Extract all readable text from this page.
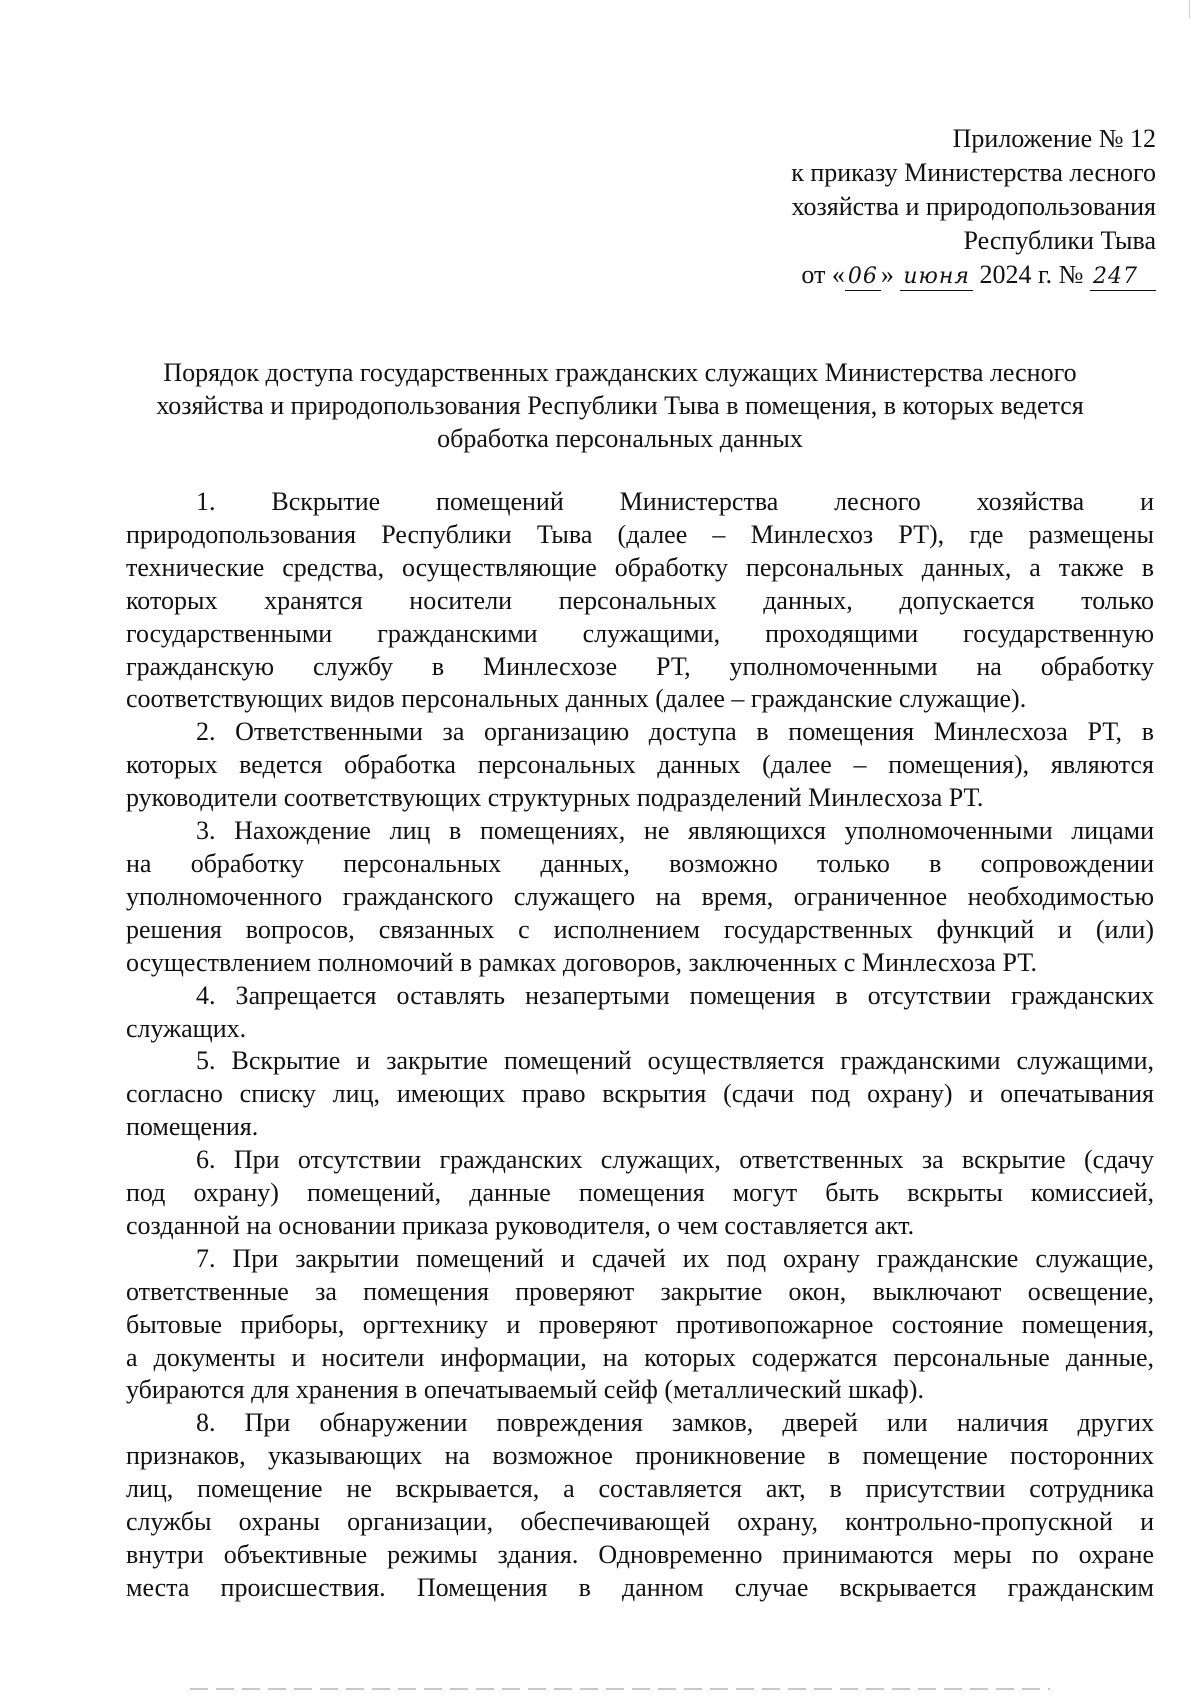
Приложение № 12
к приказу Министерства лесного
хозяйства и природопользования
Республики Тыва
от « 06 » июня 2024 г. № 247
Порядок доступа государственных гражданских служащих Министерства лесного
хозяйства и природопользования Республики Тыва в помещения, в которых ведется
обработка персональных данных

1. Вскрытие помещений Министерства лесного хозяйства и
природопользования Республики Тыва (далее – Минлесхоз РТ), где размещены
технические средства, осуществляющие обработку персональных данных, а также в
которых хранятся носители персональных данных, допускается только
государственными гражданскими служащими, проходящими государственную
гражданскую службу в Минлесхозе РТ, уполномоченными на обработку
соответствующих видов персональных данных (далее – гражданские служащие).

2. Ответственными за организацию доступа в помещения Минлесхоза РТ, в
которых ведется обработка персональных данных (далее – помещения), являются
руководители соответствующих структурных подразделений Минлесхоза РТ.

3. Нахождение лиц в помещениях, не являющихся уполномоченными лицами
на обработку персональных данных, возможно только в сопровождении
уполномоченного гражданского служащего на время, ограниченное необходимостью
решения вопросов, связанных с исполнением государственных функций и (или)
осуществлением полномочий в рамках договоров, заключенных с Минлесхоза РТ.

4. Запрещается оставлять незапертыми помещения в отсутствии гражданских
служащих.

5. Вскрытие и закрытие помещений осуществляется гражданскими служащими,
согласно списку лиц, имеющих право вскрытия (сдачи под охрану) и опечатывания
помещения.

6. При отсутствии гражданских служащих, ответственных за вскрытие (сдачу
под охрану) помещений, данные помещения могут быть вскрыты комиссией,
созданной на основании приказа руководителя, о чем составляется акт.

7. При закрытии помещений и сдачей их под охрану гражданские служащие,
ответственные за помещения проверяют закрытие окон, выключают освещение,
бытовые приборы, оргтехнику и проверяют противопожарное состояние помещения,
а документы и носители информации, на которых содержатся персональные данные,
убираются для хранения в опечатываемый сейф (металлический шкаф).

8. При обнаружении повреждения замков, дверей или наличия других
признаков, указывающих на возможное проникновение в помещение посторонних
лиц, помещение не вскрывается, а составляется акт, в присутствии сотрудника
службы охраны организации, обеспечивающей охрану, контрольно-пропускной и
внутри объективные режимы здания. Одновременно принимаются меры по охране
места происшествия. Помещения в данном случае вскрывается гражданским
